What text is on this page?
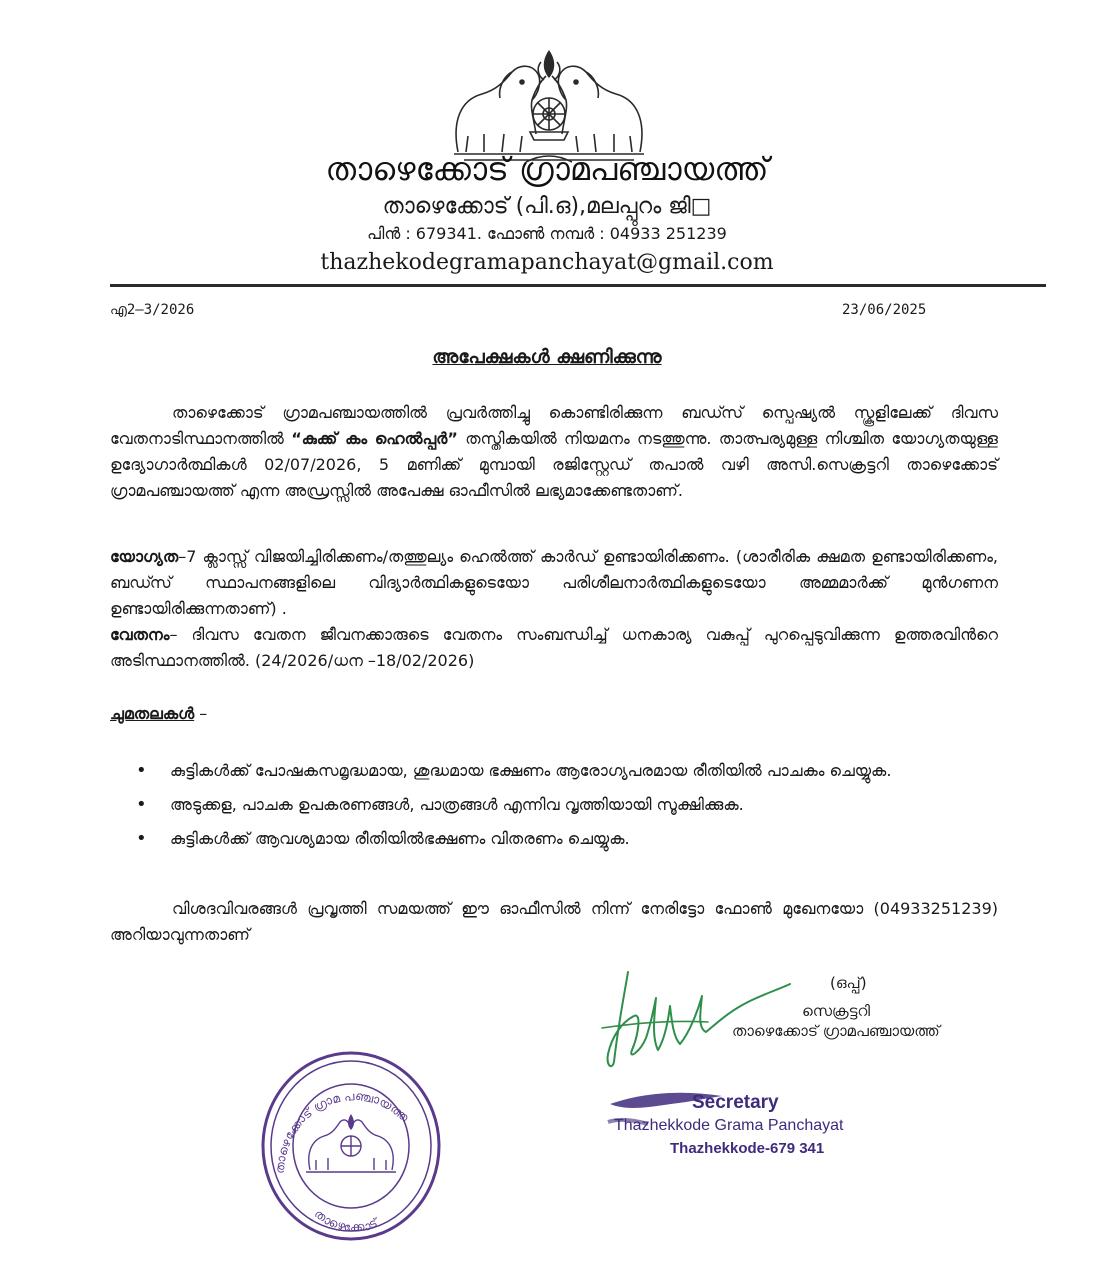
താഴെക്കോട് ഗ്രാമപഞ്ചായത്ത്
താഴെക്കോട് (പി.ഒ),മലപ്പുറം ജി□
പിൻ : 679341. ഫോൺ നമ്പർ : 04933 251239
thazhekodegramapanchayat@gmail.com
എ2–3/2026	23/06/2025
അപേക്ഷകൾ ക്ഷണിക്കുന്നു
താഴെക്കോട് ഗ്രാമപഞ്ചായത്തിൽ പ്രവർത്തിച്ചു കൊണ്ടിരിക്കുന്ന ബഡ്സ് സ്പെഷ്യൽ സ്കൂളിലേക്ക് ദിവസ വേതനാടിസ്ഥാനത്തിൽ “കുക്ക് കം ഹെൽപ്പർ” തസ്തികയിൽ നിയമനം നടത്തുന്നു. താത്പര്യമുള്ള നിശ്ചിത യോഗ്യതയുള്ള ഉദ്യോഗാർത്ഥികൾ 02/07/2026, 5 മണിക്ക് മുമ്പായി രജിസ്റ്റേഡ് തപാൽ വഴി അസി.സെക്രട്ടറി താഴെക്കോട് ഗ്രാമപഞ്ചായത്ത് എന്ന അഡ്രസ്സിൽ അപേക്ഷ ഓഫീസിൽ ലഭ്യമാക്കേണ്ടതാണ്.
യോഗ്യത–7 ക്ലാസ്സ് വിജയിച്ചിരിക്കണം/തത്തുല്യം ഹെൽത്ത് കാർഡ് ഉണ്ടായിരിക്കണം. (ശാരീരിക ക്ഷമത ഉണ്ടായിരിക്കണം, ബഡ്സ് സ്ഥാപനങ്ങളിലെ വിദ്യാർത്ഥികളുടെയോ പരിശീലനാർത്ഥികളുടെയോ അമ്മമാർക്ക് മുൻഗണന ഉണ്ടായിരിക്കുന്നതാണ്) .
വേതനം– ദിവസ വേതന ജീവനക്കാരുടെ വേതനം സംബന്ധിച്ച് ധനകാര്യ വകുപ്പ് പുറപ്പെടുവിക്കുന്ന ഉത്തരവിൻറെ അടിസ്ഥാനത്തിൽ. (24/2026/ധന –18/02/2026)
ചുമതലകൾ –
• കുട്ടികൾക്ക് പോഷകസമൃദ്ധമായ, ശുദ്ധമായ ഭക്ഷണം ആരോഗ്യപരമായ രീതിയിൽ പാചകം ചെയ്യുക.
• അടുക്കള, പാചക ഉപകരണങ്ങൾ, പാത്രങ്ങൾ എന്നിവ വൃത്തിയായി സൂക്ഷിക്കുക.
• കുട്ടികൾക്ക് ആവശ്യമായ രീതിയിൽഭക്ഷണം വിതരണം ചെയ്യുക.
വിശദവിവരങ്ങൾ പ്രവൃത്തി സമയത്ത് ഈ ഓഫീസിൽ നിന്ന് നേരിട്ടോ ഫോൺ മുഖേനയോ (04933251239) അറിയാവുന്നതാണ്
(ഒപ്പ്)
സെക്രട്ടറി
താഴെക്കോട് ഗ്രാമപഞ്ചായത്ത്
Secretary
Thazhekkode Grama Panchayat
Thazhekkode-679 341
താഴെക്കോട് ഗ്രാമ പഞ്ചായത്ത
താഴെക്കോട്
